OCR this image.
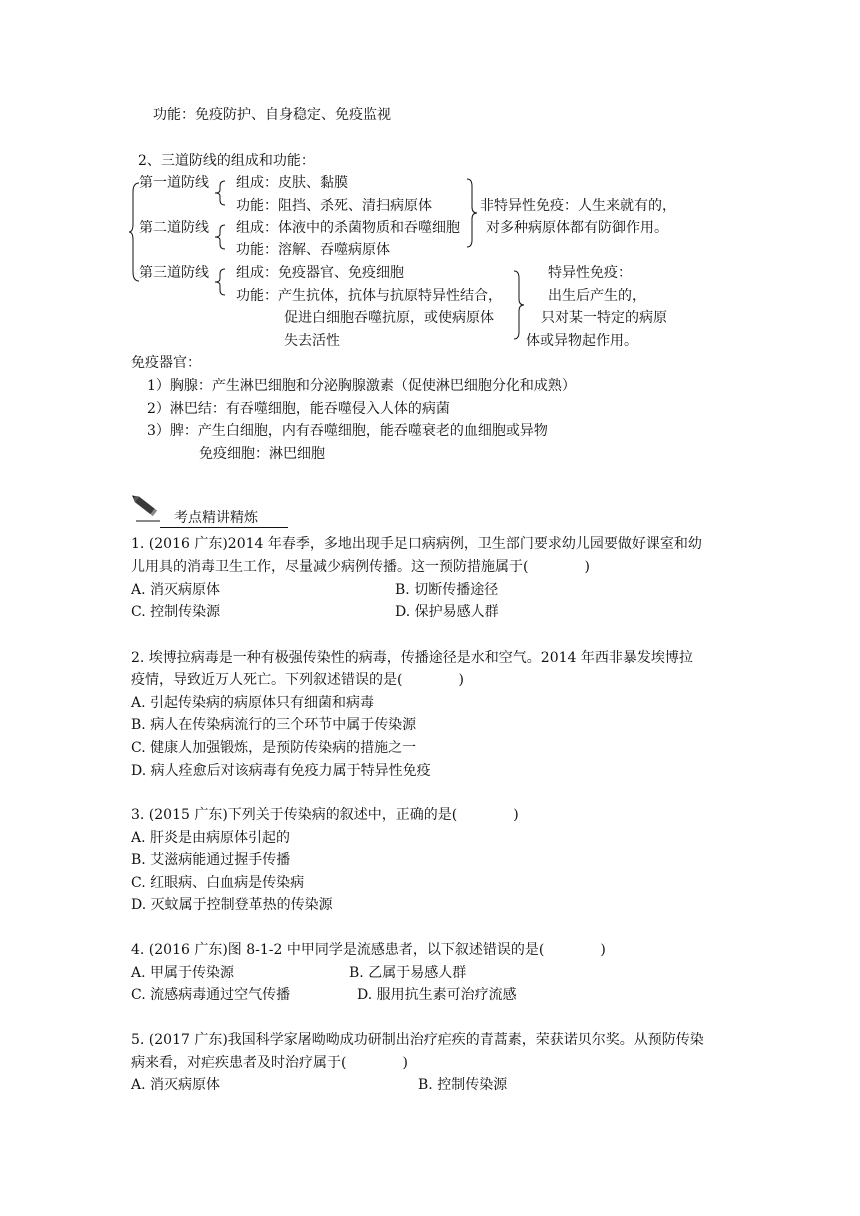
功能：免疫防护、自身稳定、免疫监视
2、三道防线的组成和功能：
第一道防线 组成：皮肤、黏膜
功能：阻挡、杀死、清扫病原体
第二道防线 组成：体液中的杀菌物质和吞噬细胞
功能：溶解、吞噬病原体
非特异性免疫：人生来就有的，
对多种病原体都有防御作用。
第三道防线 组成：免疫器官、免疫细胞
功能：产生抗体，抗体与抗原特异性结合，
促进白细胞吞噬抗原，或使病原体
失去活性
特异性免疫：
出生后产生的，
只对某一特定的病原
体或异物起作用。
免疫器官：
1）胸腺：产生淋巴细胞和分泌胸腺激素（促使淋巴细胞分化和成熟）
2）淋巴结：有吞噬细胞，能吞噬侵入人体的病菌
3）脾：产生白细胞，内有吞噬细胞，能吞噬衰老的血细胞或异物
免疫细胞：淋巴细胞
考点精讲精炼
1. (2016 广东)2014 年春季，多地出现手足口病病例，卫生部门要求幼儿园要做好课室和幼
儿用具的消毒卫生工作，尽量减少病例传播。这一预防措施属于(　　　　)
A. 消灭病原体	B. 切断传播途径
C. 控制传染源	D. 保护易感人群
2. 埃博拉病毒是一种有极强传染性的病毒，传播途径是水和空气。2014 年西非暴发埃博拉
疫情，导致近万人死亡。下列叙述错误的是(　　　　)
A. 引起传染病的病原体只有细菌和病毒
B. 病人在传染病流行的三个环节中属于传染源
C. 健康人加强锻炼，是预防传染病的措施之一
D. 病人痊愈后对该病毒有免疫力属于特异性免疫
3. (2015 广东)下列关于传染病的叙述中，正确的是(　　　　)
A. 肝炎是由病原体引起的
B. 艾滋病能通过握手传播
C. 红眼病、白血病是传染病
D. 灭蚊属于控制登革热的传染源
4. (2016 广东)图 8-1-2 中甲同学是流感患者，以下叙述错误的是(　　　　)
A. 甲属于传染源	B. 乙属于易感人群
C. 流感病毒通过空气传播	D. 服用抗生素可治疗流感
5. (2017 广东)我国科学家屠呦呦成功研制出治疗疟疾的青蒿素，荣获诺贝尔奖。从预防传染
病来看，对疟疾患者及时治疗属于(　　　　)
A. 消灭病原体	B. 控制传染源
